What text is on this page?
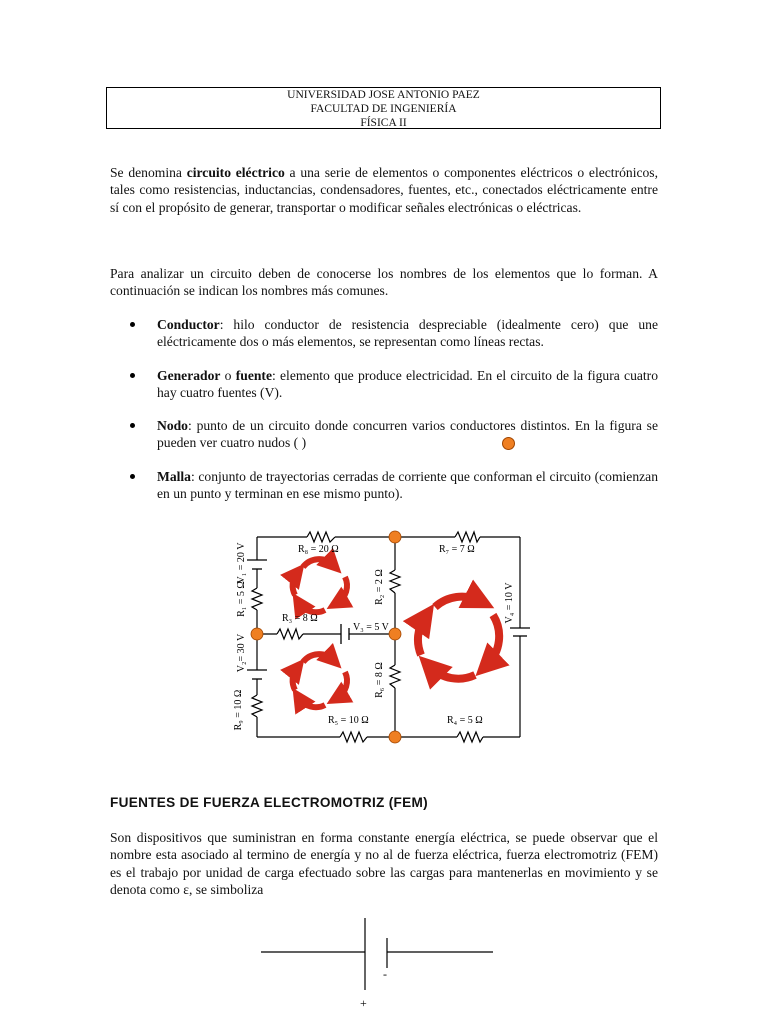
UNIVERSIDAD JOSE ANTONIO PAEZ
FACULTAD DE INGENIERÍA
FÍSICA II

Se denomina circuito eléctrico a una serie de elementos o componentes eléctricos o electrónicos, tales como resistencias, inductancias, condensadores, fuentes, etc., conectados eléctricamente entre sí con el propósito de generar, transportar o modificar señales electrónicas o eléctricas.

Para analizar un circuito deben de conocerse los nombres de los elementos que lo forman. A continuación se indican los nombres más comunes.

Conductor: hilo conductor de resistencia despreciable (idealmente cero) que une eléctricamente dos o más elementos, se representan como líneas rectas.
Generador o fuente: elemento que produce electricidad. En el circuito de la figura cuatro hay cuatro fuentes (V).
Nodo: punto de un circuito donde concurren varios conductores distintos. En la figura se pueden ver cuatro nudos ( )
Malla: conjunto de trayectorias cerradas de corriente que conforman el circuito (comienzan en un punto y terminan en ese mismo punto).
R₈ = 20 Ω	R₇ = 7 Ω
R₃ = 8 Ω
V₃ = 5 V
R₅ = 10 Ω	R₄ = 5 Ω
V₁ = 20 V
R₁ = 5 Ω
V₂= 30 V
R₉ = 10 Ω
R₂ = 2 Ω
R₆ = 8 Ω
V₄ = 10 V

FUENTES DE FUERZA ELECTROMOTRIZ (FEM)

Son dispositivos que suministran en forma constante energía eléctrica, se puede observar que el nombre esta asociado al termino de energía y no al de fuerza eléctrica, fuerza electromotriz (FEM) es el trabajo por unidad de carga efectuado sobre las cargas para mantenerlas en movimiento y se denota como ε, se simboliza

-
+
